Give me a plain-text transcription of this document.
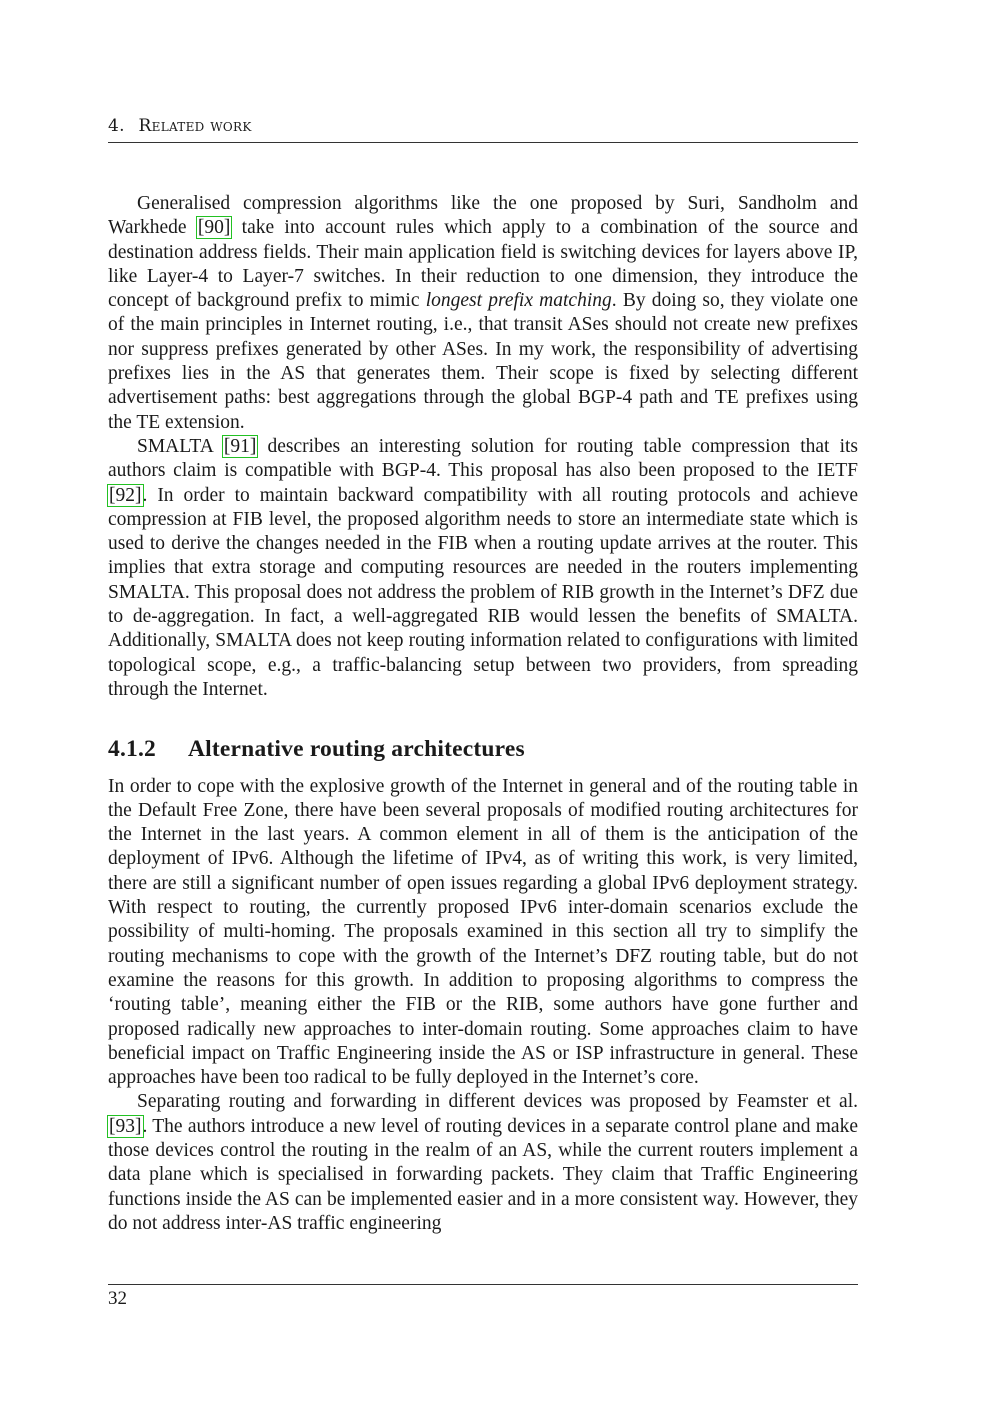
4. Related work

Generalised compression algorithms like the one proposed by Suri, Sandholm and Warkhede [90] take into account rules which apply to a combination of the source and destination address fields. Their main application field is switching devices for layers above IP, like Layer-4 to Layer-7 switches. In their reduction to one dimension, they introduce the concept of background prefix to mimic longest prefix matching. By doing so, they violate one of the main principles in Internet routing, i.e., that transit ASes should not create new prefixes nor suppress prefixes generated by other ASes. In my work, the responsibility of advertising prefixes lies in the AS that generates them. Their scope is fixed by selecting different advertisement paths: best aggregations through the global BGP-4 path and TE prefixes using the TE extension.

SMALTA [91] describes an interesting solution for routing table compression that its authors claim is compatible with BGP-4. This proposal has also been proposed to the IETF [92]. In order to maintain backward compatibility with all routing protocols and achieve compression at FIB level, the proposed algorithm needs to store an intermediate state which is used to derive the changes needed in the FIB when a routing update arrives at the router. This implies that extra storage and computing resources are needed in the routers implementing SMALTA. This proposal does not address the problem of RIB growth in the Internet’s DFZ due to de-aggregation. In fact, a well-aggregated RIB would lessen the benefits of SMALTA. Additionally, SMALTA does not keep routing information related to configurations with limited topological scope, e.g., a traffic-balancing setup between two providers, from spreading through the Internet.

4.1.2 Alternative routing architectures

In order to cope with the explosive growth of the Internet in general and of the routing table in the Default Free Zone, there have been several proposals of modified routing architectures for the Internet in the last years. A common element in all of them is the anticipation of the deployment of IPv6. Although the lifetime of IPv4, as of writing this work, is very limited, there are still a significant number of open issues regarding a global IPv6 deployment strategy. With respect to routing, the currently proposed IPv6 inter-domain scenarios exclude the possibility of multi-homing. The proposals examined in this section all try to simplify the routing mechanisms to cope with the growth of the Internet’s DFZ routing table, but do not examine the reasons for this growth. In addition to proposing algorithms to compress the ‘routing table’, meaning either the FIB or the RIB, some authors have gone further and proposed radically new approaches to inter-domain routing. Some approaches claim to have beneficial impact on Traffic Engineering inside the AS or ISP infrastructure in general. These approaches have been too radical to be fully deployed in the Internet’s core.

Separating routing and forwarding in different devices was proposed by Feamster et al. [93]. The authors introduce a new level of routing devices in a separate control plane and make those devices control the routing in the realm of an AS, while the current routers implement a data plane which is specialised in forwarding packets. They claim that Traffic Engineering functions inside the AS can be implemented easier and in a more consistent way. However, they do not address inter-AS traffic engineering

32
